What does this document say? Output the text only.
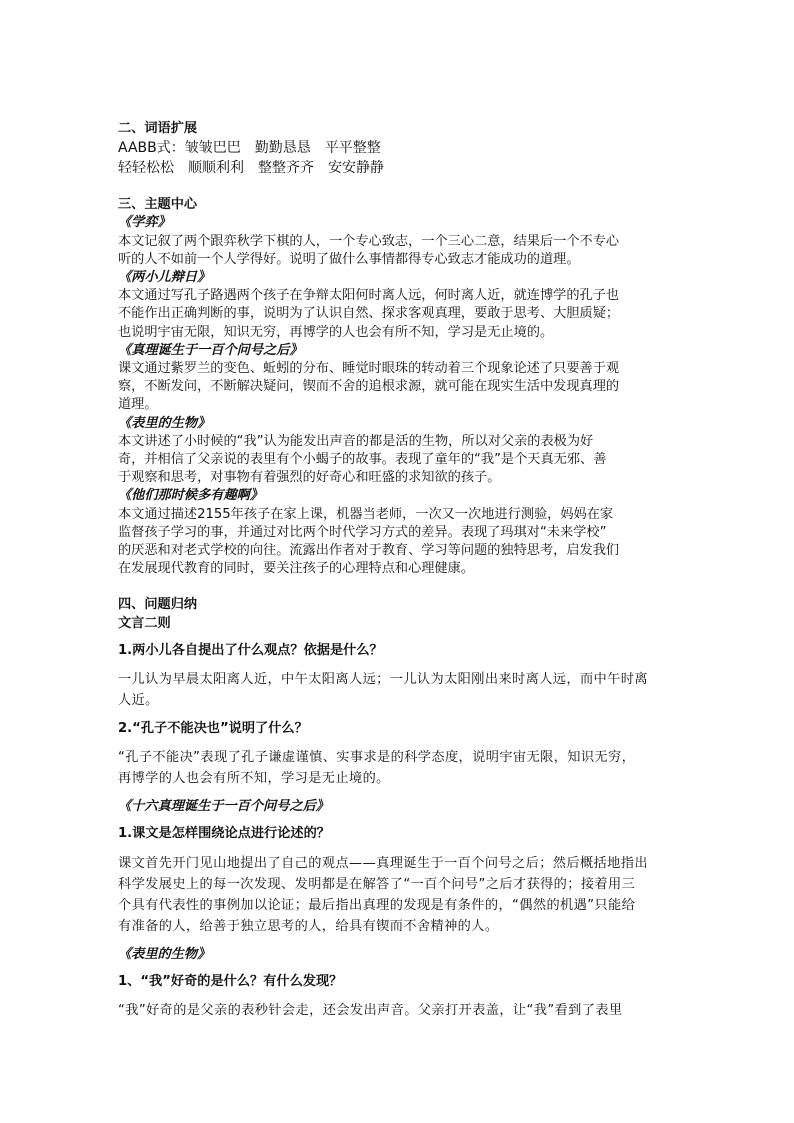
二、词语扩展

AABB式：皱皱巴巴　勤勤恳恳　平平整整

轻轻松松　顺顺利利　整整齐齐　安安静静

三、主题中心

《学弈》

本文记叙了两个跟弈秋学下棋的人，一个专心致志，一个三心二意，结果后一个不专心

听的人不如前一个人学得好。说明了做什么事情都得专心致志才能成功的道理。

《两小儿辩日》

本文通过写孔子路遇两个孩子在争辩太阳何时离人远，何时离人近，就连博学的孔子也

不能作出正确判断的事，说明为了认识自然、探求客观真理，要敢于思考、大胆质疑；

也说明宇宙无限，知识无穷，再博学的人也会有所不知，学习是无止境的。

《真理诞生于一百个问号之后》

课文通过紫罗兰的变色、蚯蚓的分布、睡觉时眼珠的转动着三个现象论述了只要善于观

察，不断发问，不断解决疑问，锲而不舍的追根求源，就可能在现实生活中发现真理的

道理。

《表里的生物》

本文讲述了小时候的“我”认为能发出声音的都是活的生物，所以对父亲的表极为好

奇，并相信了父亲说的表里有个小蝎子的故事。表现了童年的“我”是个天真无邪、善

于观察和思考，对事物有着强烈的好奇心和旺盛的求知欲的孩子。

《他们那时候多有趣啊》

本文通过描述2155年孩子在家上课，机器当老师，一次又一次地进行测验，妈妈在家

监督孩子学习的事，并通过对比两个时代学习方式的差异。表现了玛琪对“未来学校”

的厌恶和对老式学校的向往。流露出作者对于教育、学习等问题的独特思考，启发我们

在发展现代教育的同时，要关注孩子的心理特点和心理健康。

四、问题归纳

文言二则

1.两小儿各自提出了什么观点？依据是什么？

一儿认为早晨太阳离人近，中午太阳离人远；一儿认为太阳刚出来时离人远，而中午时离

人近。

2.“孔子不能决也”说明了什么？

“孔子不能决”表现了孔子谦虚谨慎、实事求是的科学态度，说明宇宙无限，知识无穷，

再博学的人也会有所不知，学习是无止境的。

《十六真理诞生于一百个问号之后》

1.课文是怎样围绕论点进行论述的？

课文首先开门见山地提出了自己的观点——真理诞生于一百个问号之后；然后概括地指出

科学发展史上的每一次发现、发明都是在解答了“一百个问号”之后才获得的；接着用三

个具有代表性的事例加以论证；最后指出真理的发现是有条件的，“偶然的机遇”只能给

有准备的人，给善于独立思考的人，给具有锲而不舍精神的人。

《表里的生物》

1、“我”好奇的是什么？有什么发现？

“我”好奇的是父亲的表秒针会走，还会发出声音。父亲打开表盖，让“我”看到了表里
